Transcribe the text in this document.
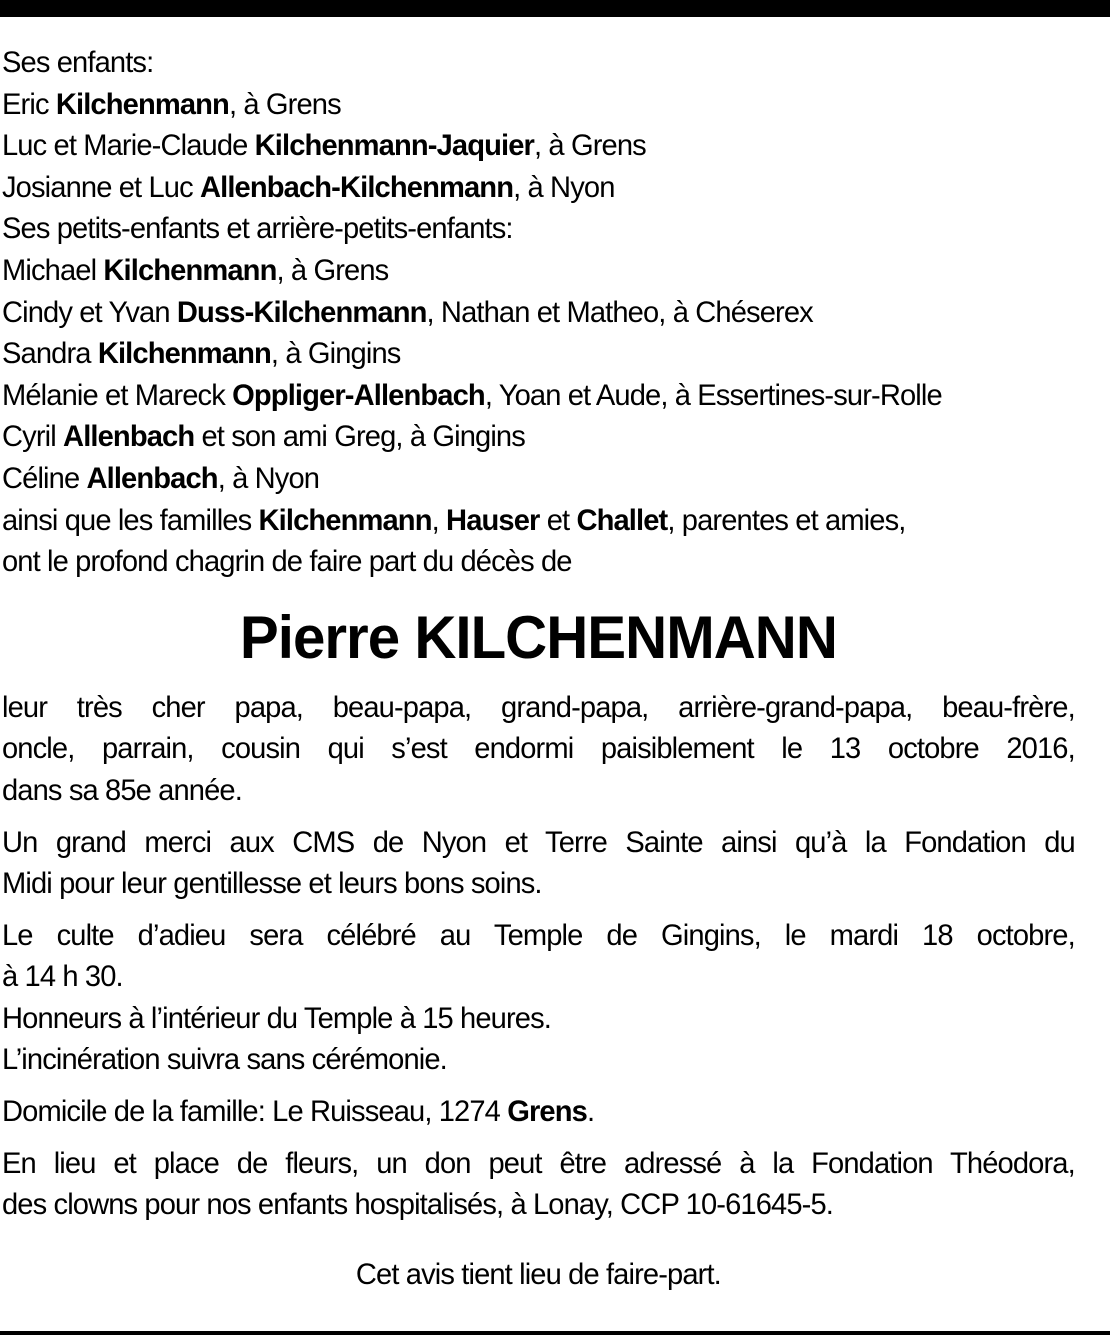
Ses enfants:
Eric Kilchenmann, à Grens
Luc et Marie-Claude Kilchenmann-Jaquier, à Grens
Josianne et Luc Allenbach-Kilchenmann, à Nyon
Ses petits-enfants et arrière-petits-enfants:
Michael Kilchenmann, à Grens
Cindy et Yvan Duss-Kilchenmann, Nathan et Matheo, à Chéserex
Sandra Kilchenmann, à Gingins
Mélanie et Mareck Oppliger-Allenbach, Yoan et Aude, à Essertines-sur-Rolle
Cyril Allenbach et son ami Greg, à Gingins
Céline Allenbach, à Nyon
ainsi que les familles Kilchenmann, Hauser et Challet, parentes et amies,
ont le profond chagrin de faire part du décès de
Pierre KILCHENMANN
leur très cher papa, beau-papa, grand-papa, arrière-grand-papa, beau-frère,
oncle, parrain, cousin qui s’est endormi paisiblement le 13 octobre 2016,
dans sa 85e année.
Un grand merci aux CMS de Nyon et Terre Sainte ainsi qu’à la Fondation du
Midi pour leur gentillesse et leurs bons soins.
Le culte d’adieu sera célébré au Temple de Gingins, le mardi 18 octobre,
à 14 h 30.
Honneurs à l’intérieur du Temple à 15 heures.
L’incinération suivra sans cérémonie.
Domicile de la famille: Le Ruisseau, 1274 Grens.
En lieu et place de fleurs, un don peut être adressé à la Fondation Théodora,
des clowns pour nos enfants hospitalisés, à Lonay, CCP 10-61645-5.
Cet avis tient lieu de faire-part.
